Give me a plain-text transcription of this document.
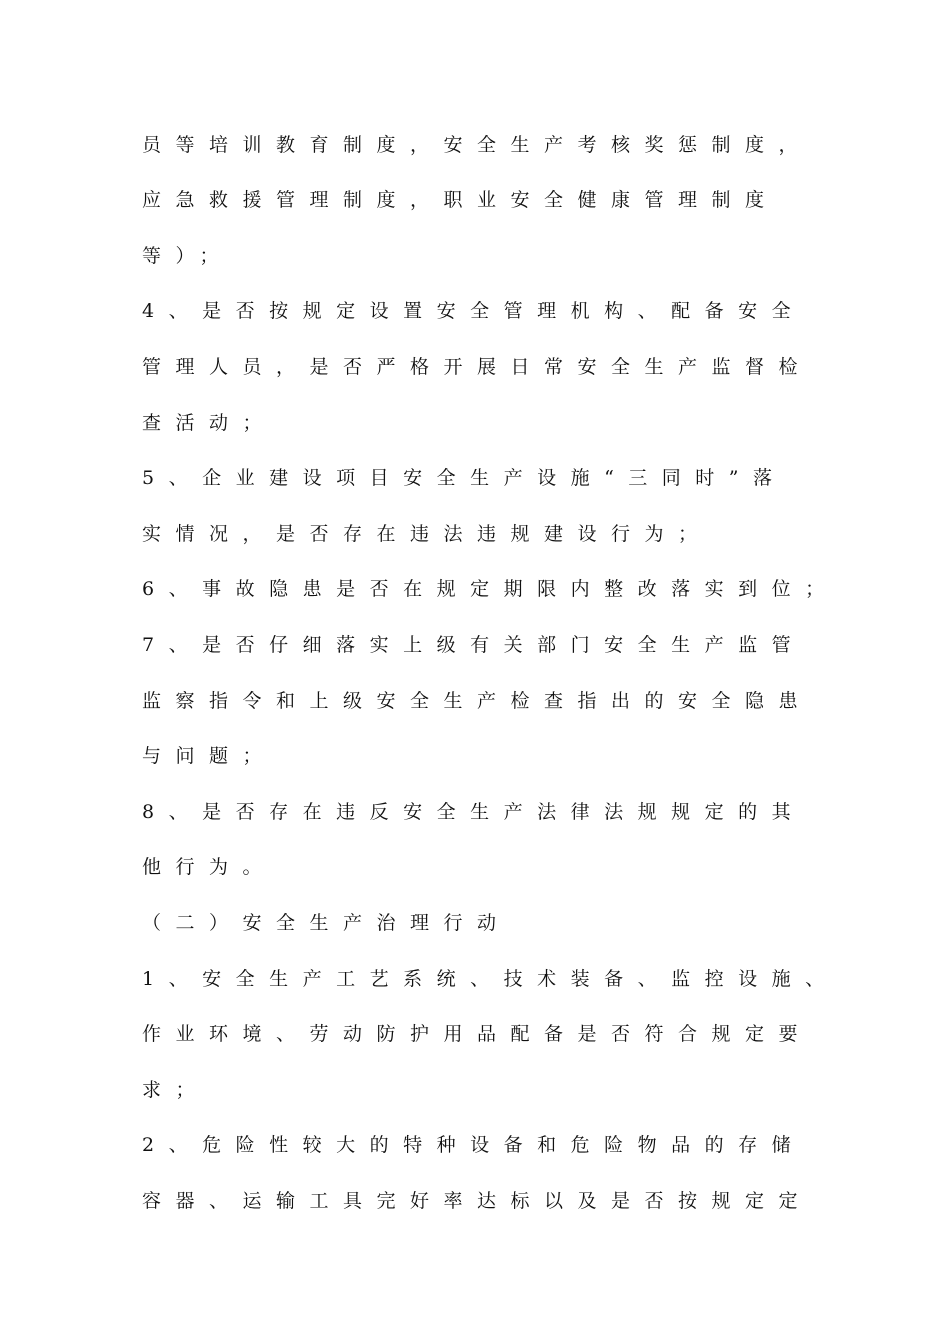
员等培训教育制度，安全生产考核奖惩制度，

应急救援管理制度，职业安全健康管理制度

等）；

4、是否按规定设置安全管理机构、配备安全

管理人员，是否严格开展日常安全生产监督检

查活动；

5、企业建设项目安全生产设施“三同时”落

实情况，是否存在违法违规建设行为；

6、事故隐患是否在规定期限内整改落实到位；

7、是否仔细落实上级有关部门安全生产监管

监察指令和上级安全生产检查指出的安全隐患

与问题；

8、是否存在违反安全生产法律法规规定的其

他行为。

（二）安全生产治理行动

1、安全生产工艺系统、技术装备、监控设施、

作业环境、劳动防护用品配备是否符合规定要

求；

2、危险性较大的特种设备和危险物品的存储

容器、运输工具完好率达标以及是否按规定定
